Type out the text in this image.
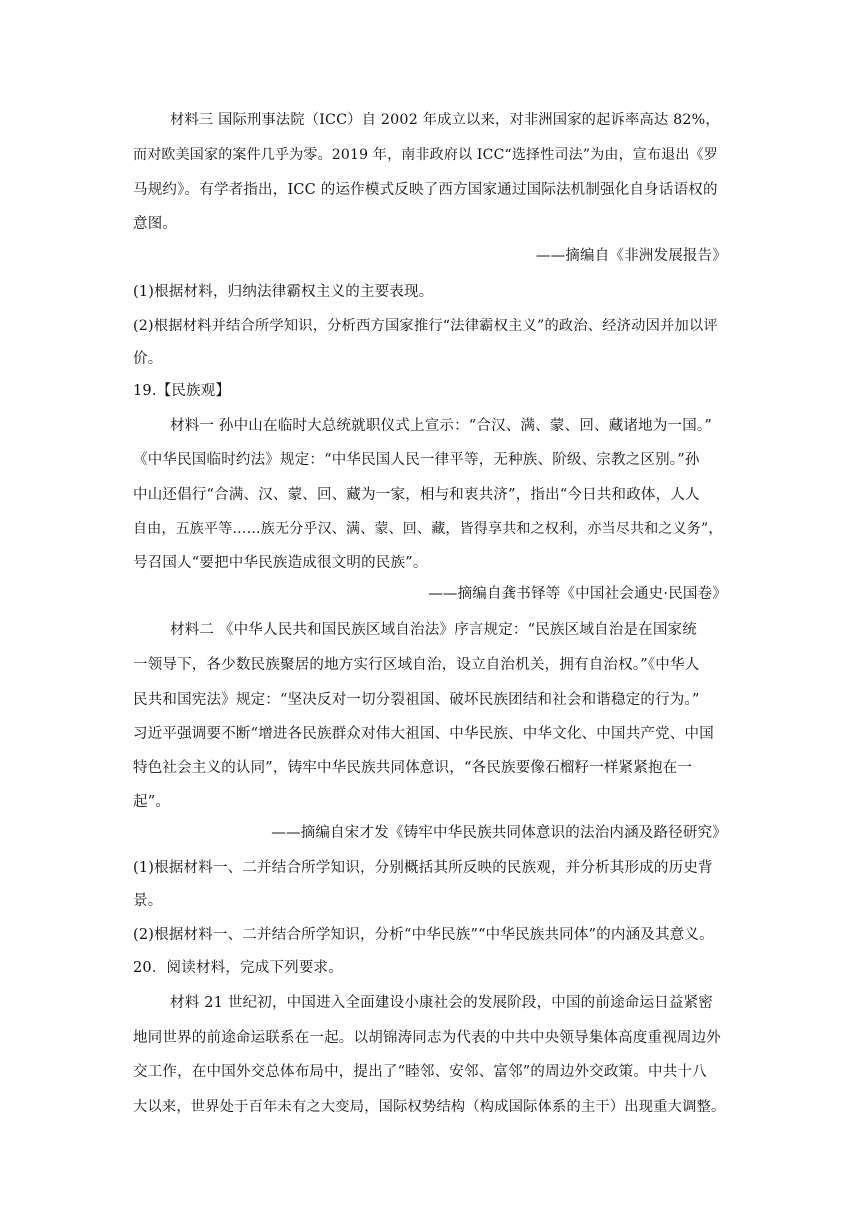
材料三 国际刑事法院（ICC）自 2002 年成立以来，对非洲国家的起诉率高达 82%，
而对欧美国家的案件几乎为零。2019 年，南非政府以 ICC“选择性司法”为由，宣布退出《罗
马规约》。有学者指出，ICC 的运作模式反映了西方国家通过国际法机制强化自身话语权的
意图。
——摘编自《非洲发展报告》
(1)根据材料，归纳法律霸权主义的主要表现。
(2)根据材料并结合所学知识，分析西方国家推行“法律霸权主义”的政治、经济动因并加以评
价。
19.【民族观】
材料一 孙中山在临时大总统就职仪式上宣示：“合汉、满、蒙、回、藏诸地为一国。”
《中华民国临时约法》规定：“中华民国人民一律平等，无种族、阶级、宗教之区别。”孙
中山还倡行“合满、汉、蒙、回、藏为一家，相与和衷共济”，指出“今日共和政体，人人
自由，五族平等……族无分乎汉、满、蒙、回、藏，皆得享共和之权利，亦当尽共和之义务”，
号召国人“要把中华民族造成很文明的民族”。
——摘编自龚书铎等《中国社会通史·民国卷》
材料二 《中华人民共和国民族区域自治法》序言规定：“民族区域自治是在国家统
一领导下，各少数民族聚居的地方实行区域自治，设立自治机关，拥有自治权。”《中华人
民共和国宪法》规定：“坚决反对一切分裂祖国、破坏民族团结和社会和谐稳定的行为。”
习近平强调要不断“增进各民族群众对伟大祖国、中华民族、中华文化、中国共产党、中国
特色社会主义的认同”，铸牢中华民族共同体意识，“各民族要像石榴籽一样紧紧抱在一
起”。
——摘编自宋才发《铸牢中华民族共同体意识的法治内涵及路径研究》
(1)根据材料一、二并结合所学知识，分别概括其所反映的民族观，并分析其形成的历史背
景。
(2)根据材料一、二并结合所学知识，分析“中华民族”“中华民族共同体”的内涵及其意义。
20．阅读材料，完成下列要求。
材料 21 世纪初，中国进入全面建设小康社会的发展阶段，中国的前途命运日益紧密
地同世界的前途命运联系在一起。以胡锦涛同志为代表的中共中央领导集体高度重视周边外
交工作，在中国外交总体布局中，提出了“睦邻、安邻、富邻”的周边外交政策。中共十八
大以来，世界处于百年未有之大变局，国际权势结构（构成国际体系的主干）出现重大调整。
